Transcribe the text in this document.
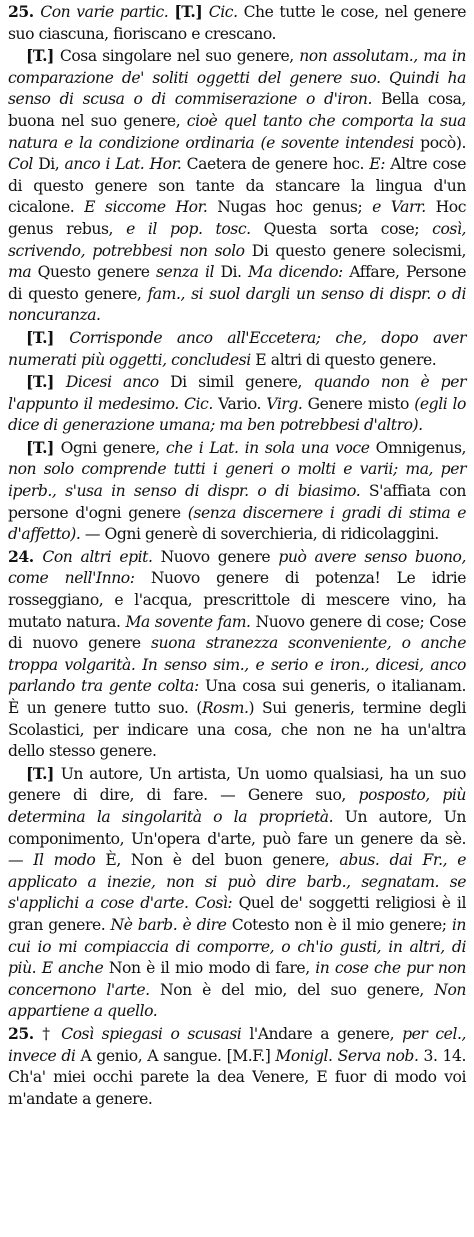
25. Con varie partic. [T.] Cic. Che tutte le cose, nel genere suo ciascuna, fioriscano e crescano.

[T.] Cosa singolare nel suo genere, non assolutam., ma in comparazione de' soliti oggetti del genere suo. Quindi ha senso di scusa o di commiserazione o d'iron. Bella cosa, buona nel suo genere, cioè quel tanto che comporta la sua natura e la condizione ordinaria (e sovente intendesi pocò). Col Di, anco i Lat. Hor. Caetera de genere hoc. E: Altre cose di questo genere son tante da stancare la lingua d'un cicalone. E siccome Hor. Nugas hoc genus; e Varr. Hoc genus rebus, e il pop. tosc. Questa sorta cose; così, scrivendo, potrebbesi non solo Di questo genere solecismi, ma Questo genere senza il Di. Ma dicendo: Affare, Persone di questo genere, fam., si suol dargli un senso di dispr. o di noncuranza.

[T.] Corrisponde anco all'Eccetera; che, dopo aver numerati più oggetti, concludesi E altri di questo genere.

[T.] Dicesi anco Di simil genere, quando non è per l'appunto il medesimo. Cic. Vario. Virg. Genere misto (egli lo dice di generazione umana; ma ben potrebbesi d'altro).

[T.] Ogni genere, che i Lat. in sola una voce Omnigenus, non solo comprende tutti i generi o molti e varii; ma, per iperb., s'usa in senso di dispr. o di biasimo. S'affiata con persone d'ogni genere (senza discernere i gradi di stima e d'affetto). — Ogni generè di soverchieria, di ridicolaggini.

24. Con altri epit. Nuovo genere può avere senso buono, come nell'Inno: Nuovo genere di potenza! Le idrie rosseggiano, e l'acqua, prescrittole di mescere vino, ha mutato natura. Ma sovente fam. Nuovo genere di cose; Cose di nuovo genere suona stranezza sconveniente, o anche troppa volgarità. In senso sim., e serio e iron., dicesi, anco parlando tra gente colta: Una cosa sui generis, o italianam. È un genere tutto suo. (Rosm.) Sui generis, termine degli Scolastici, per indicare una cosa, che non ne ha un'altra dello stesso genere.

[T.] Un autore, Un artista, Un uomo qualsiasi, ha un suo genere di dire, di fare. — Genere suo, posposto, più determina la singolarità o la proprietà. Un autore, Un componimento, Un'opera d'arte, può fare un genere da sè. — Il modo È, Non è del buon genere, abus. dai Fr., e applicato a inezie, non si può dire barb., segnatam. se s'applichi a cose d'arte. Così: Quel de' soggetti religiosi è il gran genere. Nè barb. è dire Cotesto non è il mio genere; in cui io mi compiaccia di comporre, o ch'io gusti, in altri, di più. E anche Non è il mio modo di fare, in cose che pur non concernono l'arte. Non è del mio, del suo genere, Non appartiene a quello.

25. † Così spiegasi o scusasi l'Andare a genere, per cel., invece di A genio, A sangue. [M.F.] Monigl. Serva nob. 3. 14. Ch'a' miei occhi parete la dea Venere, E fuor di modo voi m'andate a genere.
